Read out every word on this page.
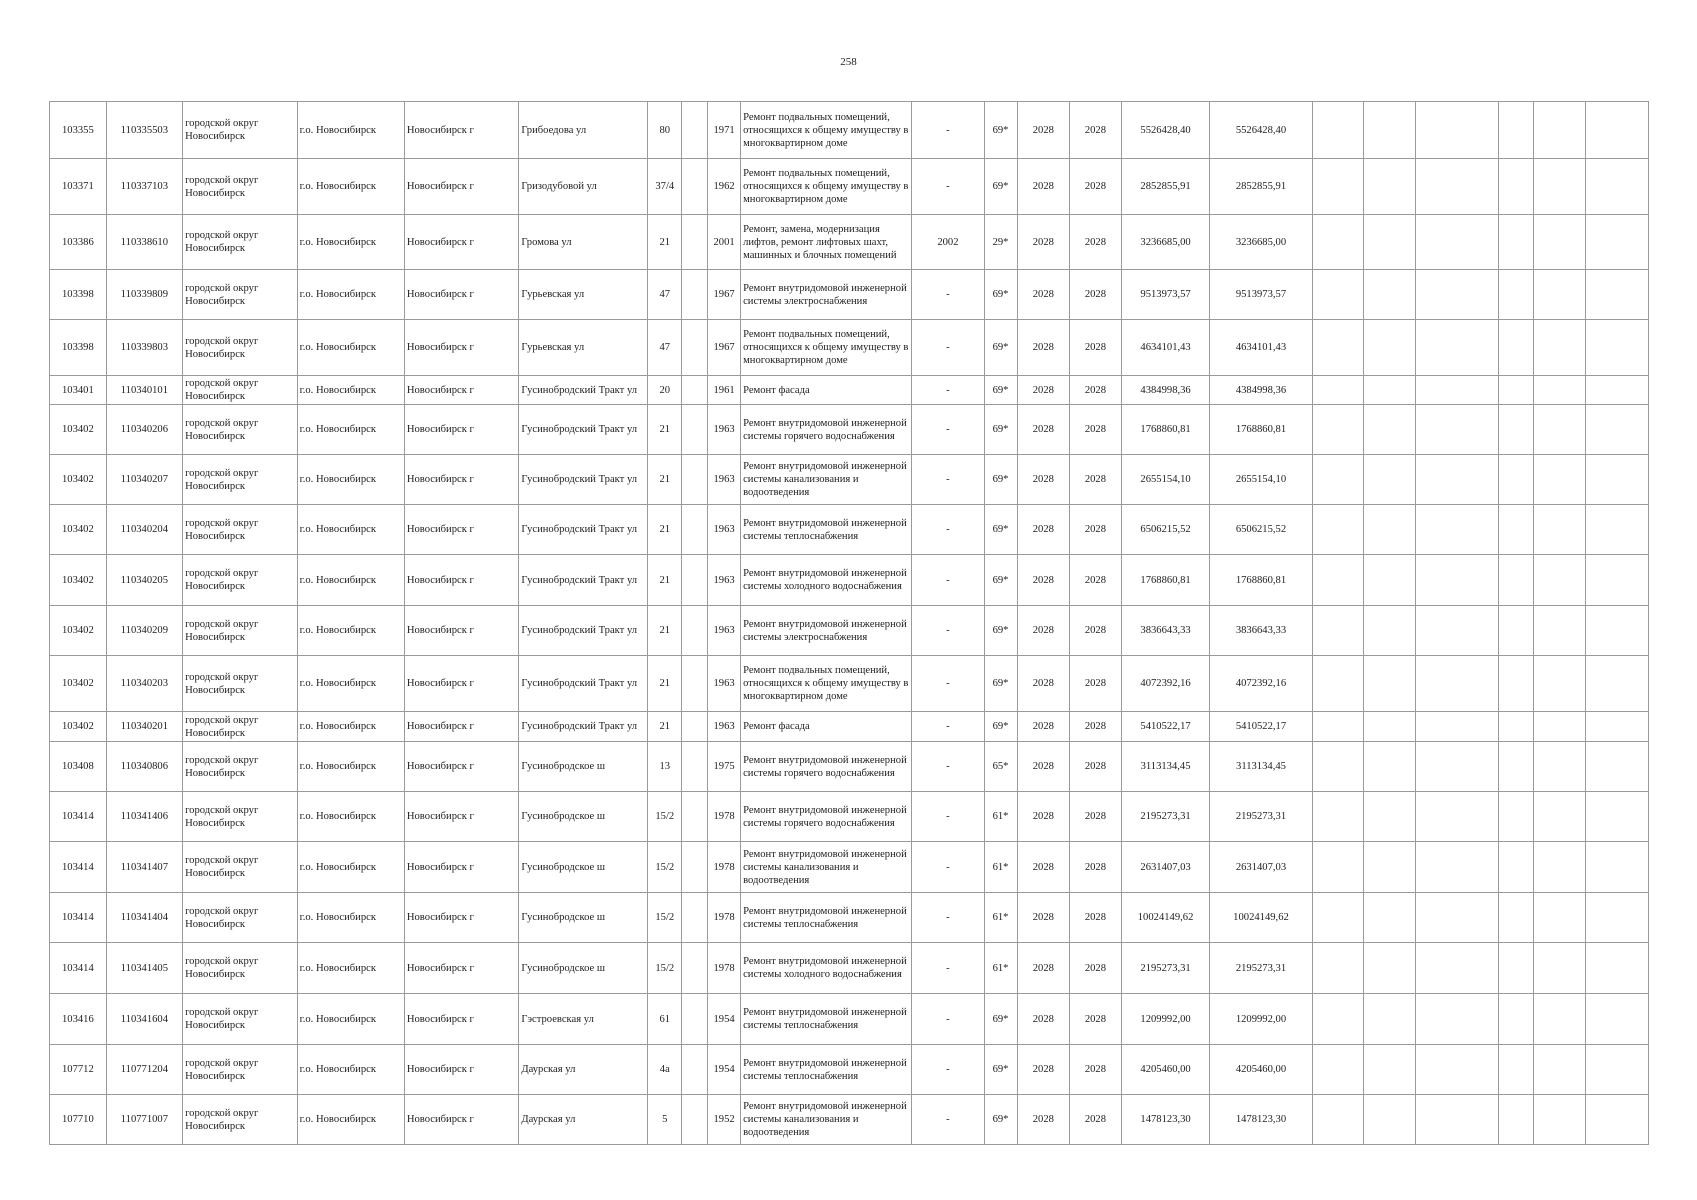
258
103355	110335503	городской округ Новосибирск	г.о. Новосибирск	Новосибирск г	Грибоедова ул	80		1971	Ремонт подвальных помещений, относящихся к общему имуществу в многоквартирном доме	-	69*	2028	2028	5526428,40	5526428,40						
103371	110337103	городской округ Новосибирск	г.о. Новосибирск	Новосибирск г	Гризодубовой ул	37/4		1962	Ремонт подвальных помещений, относящихся к общему имуществу в многоквартирном доме	-	69*	2028	2028	2852855,91	2852855,91						
103386	110338610	городской округ Новосибирск	г.о. Новосибирск	Новосибирск г	Громова ул	21		2001	Ремонт, замена, модернизация лифтов, ремонт лифтовых шахт, машинных и блочных помещений	2002	29*	2028	2028	3236685,00	3236685,00						
103398	110339809	городской округ Новосибирск	г.о. Новосибирск	Новосибирск г	Гурьевская ул	47		1967	Ремонт внутридомовой инженерной системы электроснабжения	-	69*	2028	2028	9513973,57	9513973,57						
103398	110339803	городской округ Новосибирск	г.о. Новосибирск	Новосибирск г	Гурьевская ул	47		1967	Ремонт подвальных помещений, относящихся к общему имуществу в многоквартирном доме	-	69*	2028	2028	4634101,43	4634101,43						
103401	110340101	городской округ Новосибирск	г.о. Новосибирск	Новосибирск г	Гусинобродский Тракт ул	20		1961	Ремонт фасада	-	69*	2028	2028	4384998,36	4384998,36						
103402	110340206	городской округ Новосибирск	г.о. Новосибирск	Новосибирск г	Гусинобродский Тракт ул	21		1963	Ремонт внутридомовой инженерной системы горячего водоснабжения	-	69*	2028	2028	1768860,81	1768860,81						
103402	110340207	городской округ Новосибирск	г.о. Новосибирск	Новосибирск г	Гусинобродский Тракт ул	21		1963	Ремонт внутридомовой инженерной системы канализования и водоотведения	-	69*	2028	2028	2655154,10	2655154,10						
103402	110340204	городской округ Новосибирск	г.о. Новосибирск	Новосибирск г	Гусинобродский Тракт ул	21		1963	Ремонт внутридомовой инженерной системы теплоснабжения	-	69*	2028	2028	6506215,52	6506215,52						
103402	110340205	городской округ Новосибирск	г.о. Новосибирск	Новосибирск г	Гусинобродский Тракт ул	21		1963	Ремонт внутридомовой инженерной системы холодного водоснабжения	-	69*	2028	2028	1768860,81	1768860,81						
103402	110340209	городской округ Новосибирск	г.о. Новосибирск	Новосибирск г	Гусинобродский Тракт ул	21		1963	Ремонт внутридомовой инженерной системы электроснабжения	-	69*	2028	2028	3836643,33	3836643,33						
103402	110340203	городской округ Новосибирск	г.о. Новосибирск	Новосибирск г	Гусинобродский Тракт ул	21		1963	Ремонт подвальных помещений, относящихся к общему имуществу в многоквартирном доме	-	69*	2028	2028	4072392,16	4072392,16						
103402	110340201	городской округ Новосибирск	г.о. Новосибирск	Новосибирск г	Гусинобродский Тракт ул	21		1963	Ремонт фасада	-	69*	2028	2028	5410522,17	5410522,17						
103408	110340806	городской округ Новосибирск	г.о. Новосибирск	Новосибирск г	Гусинобродское ш	13		1975	Ремонт внутридомовой инженерной системы горячего водоснабжения	-	65*	2028	2028	3113134,45	3113134,45						
103414	110341406	городской округ Новосибирск	г.о. Новосибирск	Новосибирск г	Гусинобродское ш	15/2		1978	Ремонт внутридомовой инженерной системы горячего водоснабжения	-	61*	2028	2028	2195273,31	2195273,31						
103414	110341407	городской округ Новосибирск	г.о. Новосибирск	Новосибирск г	Гусинобродское ш	15/2		1978	Ремонт внутридомовой инженерной системы канализования и водоотведения	-	61*	2028	2028	2631407,03	2631407,03						
103414	110341404	городской округ Новосибирск	г.о. Новосибирск	Новосибирск г	Гусинобродское ш	15/2		1978	Ремонт внутридомовой инженерной системы теплоснабжения	-	61*	2028	2028	10024149,62	10024149,62						
103414	110341405	городской округ Новосибирск	г.о. Новосибирск	Новосибирск г	Гусинобродское ш	15/2		1978	Ремонт внутридомовой инженерной системы холодного водоснабжения	-	61*	2028	2028	2195273,31	2195273,31						
103416	110341604	городской округ Новосибирск	г.о. Новосибирск	Новосибирск г	Гэстроевская ул	61		1954	Ремонт внутридомовой инженерной системы теплоснабжения	-	69*	2028	2028	1209992,00	1209992,00						
107712	110771204	городской округ Новосибирск	г.о. Новосибирск	Новосибирск г	Даурская ул	4а		1954	Ремонт внутридомовой инженерной системы теплоснабжения	-	69*	2028	2028	4205460,00	4205460,00						
107710	110771007	городской округ Новосибирск	г.о. Новосибирск	Новосибирск г	Даурская ул	5		1952	Ремонт внутридомовой инженерной системы канализования и водоотведения	-	69*	2028	2028	1478123,30	1478123,30						
